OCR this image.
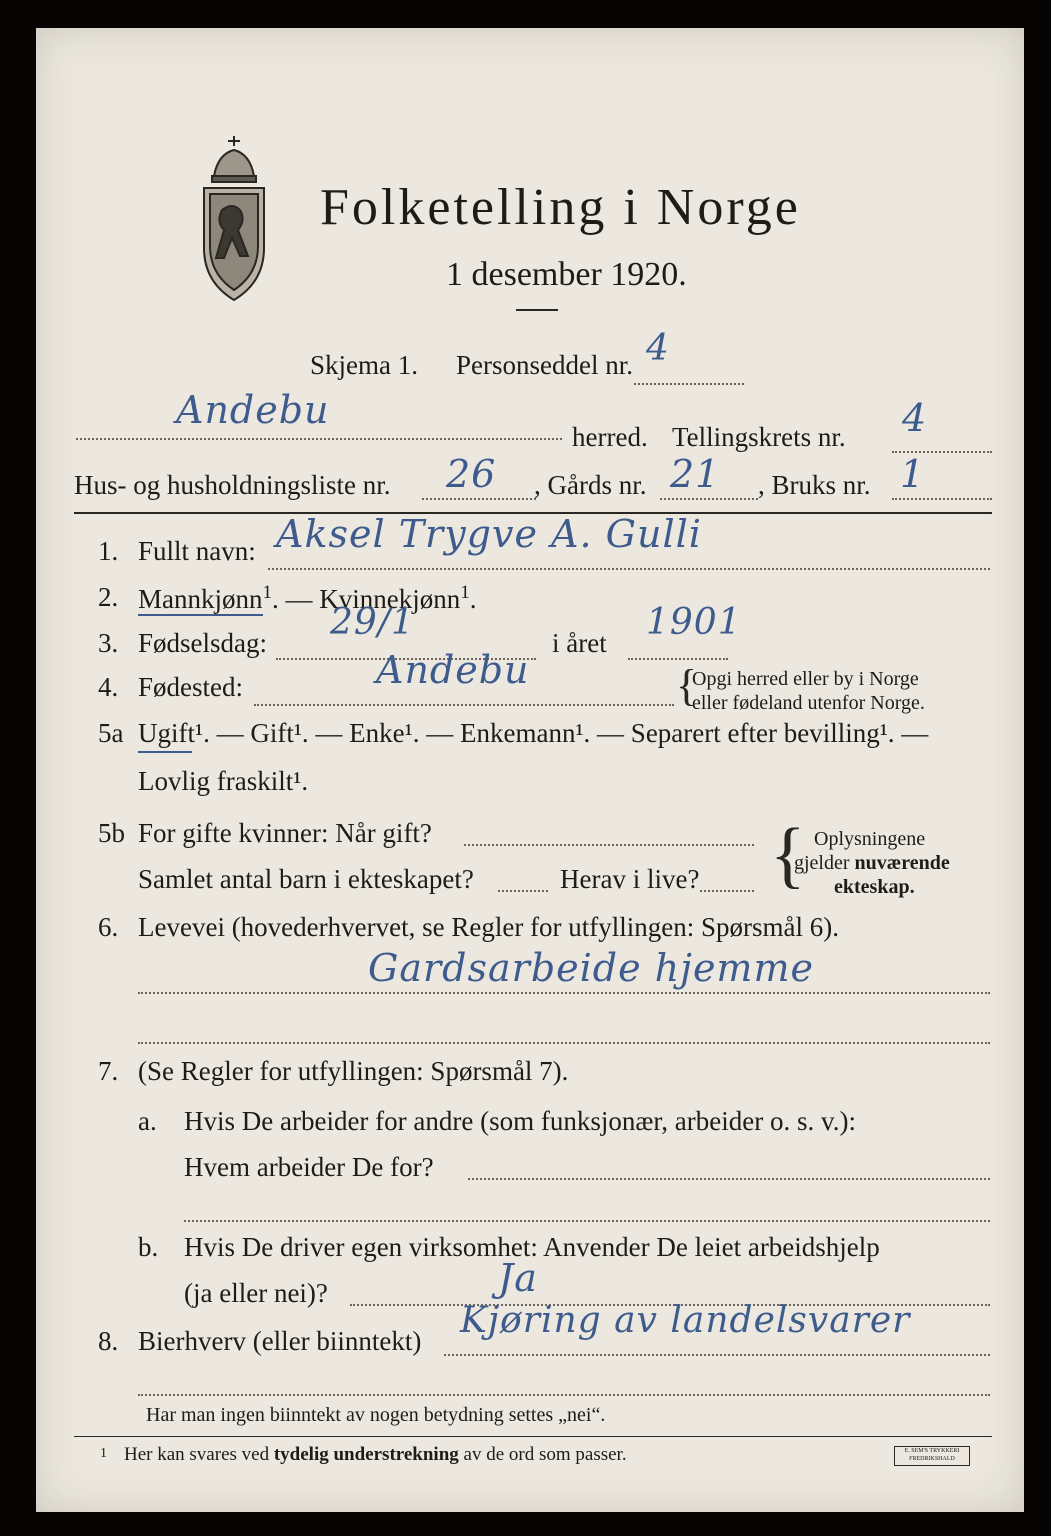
Folketelling i Norge
1 desember 1920.
Skjema 1. Personseddel nr. 4
Andebu
herred. Tellingskrets nr. 4
Hus- og husholdningsliste nr. 26 , Gårds nr. 21 , Bruks nr. 1
1. Fullt navn: Aksel Trygve A. Gulli
2. Mannkjønn$^1$. — Kvinnekjønn$^1$.
3. Fødselsdag: 29/1	i året 1901
4. Fødested:	Andebu	{
Opgi herred eller by i Norge
eller fødeland utenfor Norge.
5a Ugift¹. — Gift¹. — Enke¹. — Enkemann¹. — Separert efter bevilling¹. —
Lovlig fraskilt¹.
5b For gifte kvinner: Når gift?
Samlet antal barn i ekteskapet?	Herav i live? { Oplysningene
gjelder nuværende
ekteskap.
6. Levevei (hovederhvervet, se Regler for utfyllingen: Spørsmål 6).
Gardsarbeide hjemme
7. (Se Regler for utfyllingen: Spørsmål 7).
a. Hvis De arbeider for andre (som funksjonær, arbeider o. s. v.):
Hvem arbeider De for?
b. Hvis De driver egen virksomhet: Anvender De leiet arbeidshjelp
(ja eller nei)?	Ja
8. Bierhverv (eller biinntekt) Kjøring av landelsvarer
Har man ingen biinntekt av nogen betydning settes „nei“.
1 Her kan svares ved tydelig understrekning av de ord som passer.	E. SEM'S TRYKKERI FREDRIKSHALD
